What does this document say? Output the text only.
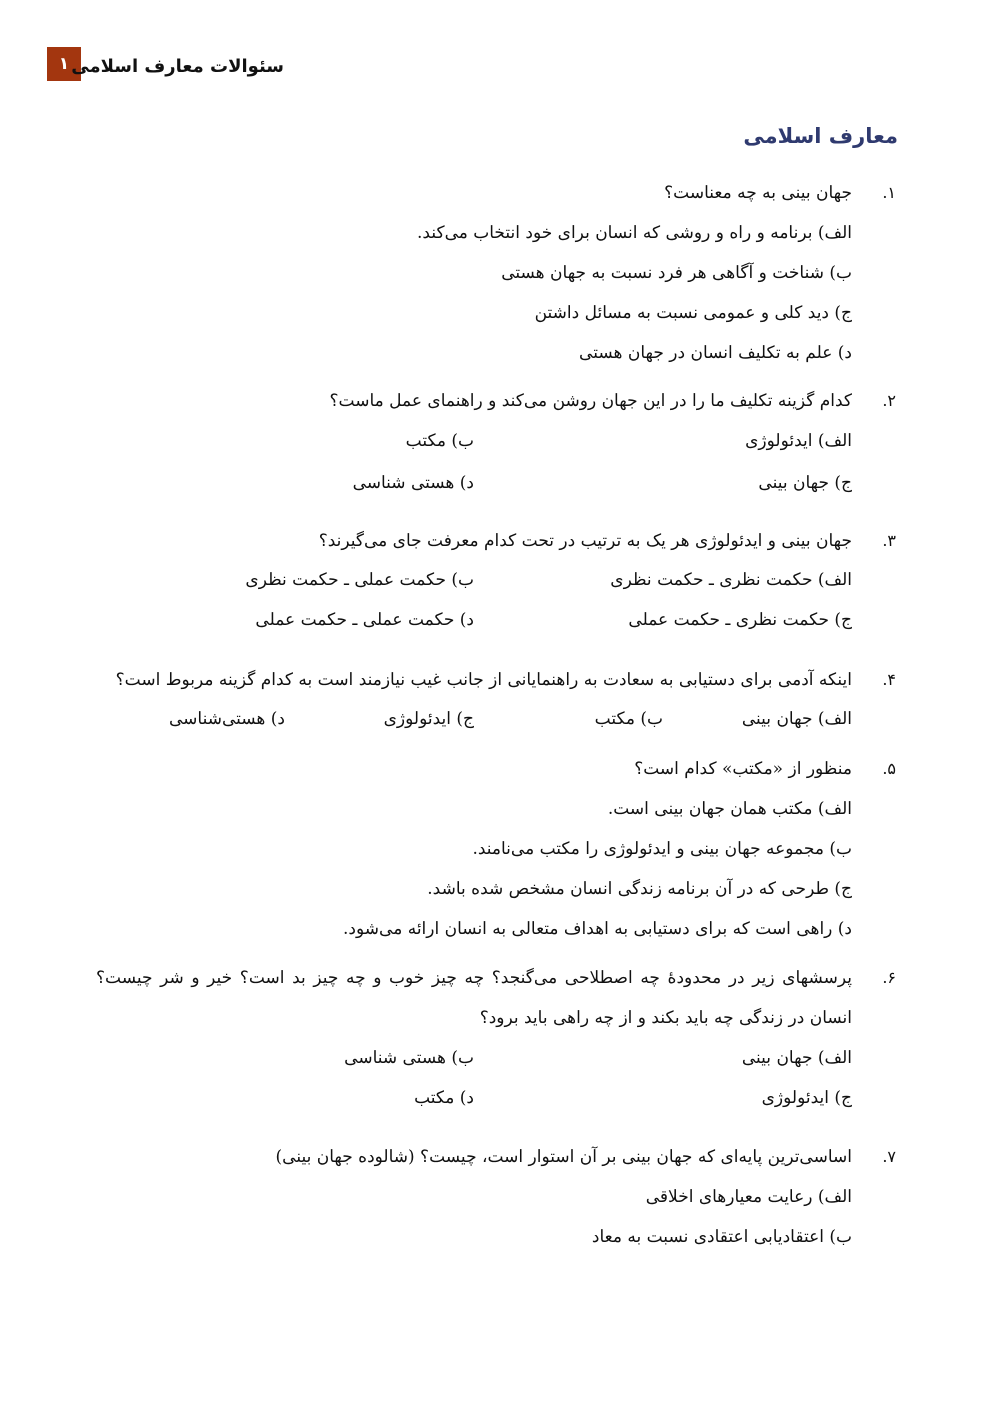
۱ سئوالات معارف اسلامی
معارف اسلامی
۱.
جهان بینی به چه معناست؟
الف) برنامه و راه و روشی که انسان برای خود انتخاب می‌کند.
ب) شناخت و آگاهی هر فرد نسبت به جهان هستی
ج) دید کلی و عمومی نسبت به مسائل داشتن
د) علم به تکلیف انسان در جهان هستی
۲.
کدام گزینه تکلیف ما را در این جهان روشن می‌کند و راهنمای عمل ماست؟
الف) ایدئولوژی
ب) مکتب
ج) جهان بینی
د) هستی شناسی
۳.
جهان بینی و ایدئولوژی هر یک به ترتیب در تحت کدام معرفت جای می‌گیرند؟
الف) حکمت نظری ـ حکمت نظری
ب) حکمت عملی ـ حکمت نظری
ج) حکمت نظری ـ حکمت عملی
د) حکمت عملی ـ حکمت عملی
۴.
اینکه آدمی برای دستیابی به سعادت به راهنمایانی از جانب غیب نیازمند است به کدام گزینه مربوط است؟
الف) جهان بینی
ب) مکتب
ج) ایدئولوژی
د) هستی‌شناسی
۵.
منظور از «مکتب» کدام است؟
الف) مکتب همان جهان بینی است.
ب) مجموعه جهان بینی و ایدئولوژی را مکتب می‌نامند.
ج) طرحی که در آن برنامه زندگی انسان مشخص شده باشد.
د) راهی است که برای دستیابی به اهداف متعالی به انسان ارائه می‌شود.
۶.
پرسشهای زیر در محدودهٔ چه اصطلاحی می‌گنجد؟ چه چیز خوب و چه چیز بد است؟ خیر و شر چیست؟
انسان در زندگی چه باید بکند و از چه راهی باید برود؟
الف) جهان بینی
ب) هستی شناسی
ج) ایدئولوژی
د) مکتب
۷.
اساسی‌ترین پایه‌ای که جهان بینی بر آن استوار است، چیست؟ (شالوده جهان بینی)
الف) رعایت معیارهای اخلاقی
ب) اعتقادیابی اعتقادی نسبت به معاد
